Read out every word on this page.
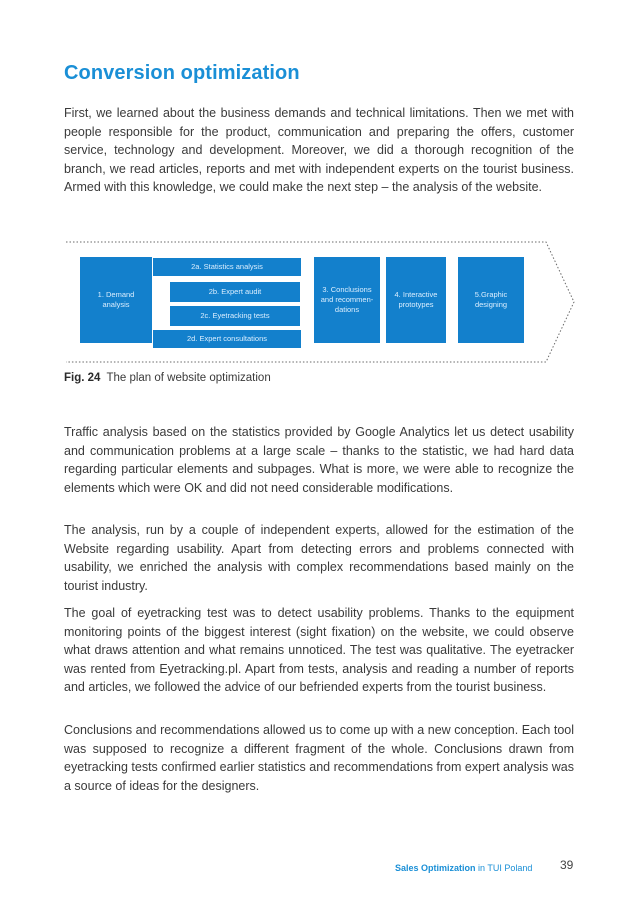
Conversion optimization

First, we learned about the business demands and technical limitations. Then we met with people responsible for the product, communication and preparing the offers, customer service, technology and development. Moreover, we did a thorough recognition of the branch, we read articles, reports and met with independent experts on the tourist business. Armed with this knowledge, we could make the next step – the analysis of the website.

1. Demand
analysis
2a. Statistics analysis
2b. Expert audit
2c. Eyetracking tests
2d. Expert consultations
3. Conclusions
and recommen-
dations
4. Interactive
prototypes
5.Graphic
designing
Fig. 24 The plan of website optimization

Traffic analysis based on the statistics provided by Google Analytics let us detect usability and communication problems at a large scale – thanks to the statistic, we had hard data regarding particular elements and subpages. What is more, we were able to recognize the elements which were OK and did not need considerable modifications.

The analysis, run by a couple of independent experts, allowed for the estimation of the Website regarding usability. Apart from detecting errors and problems connected with usability, we enriched the analysis with complex recommendations based mainly on the tourist industry.

The goal of eyetracking test was to detect usability problems. Thanks to the equipment monitoring points of the biggest interest (sight fixation) on the website, we could observe what draws attention and what remains unnoticed. The test was qualitative. The eyetracker was rented from Eyetracking.pl. Apart from tests, analysis and reading a number of reports and articles, we followed the advice of our befriended experts from the tourist business.

Conclusions and recommendations allowed us to come up with a new conception. Each tool was supposed to recognize a different fragment of the whole. Conclusions drawn from eyetracking tests confirmed earlier statistics and recommendations from expert analysis was a source of ideas for the designers.

Sales Optimization in TUI Poland 39
